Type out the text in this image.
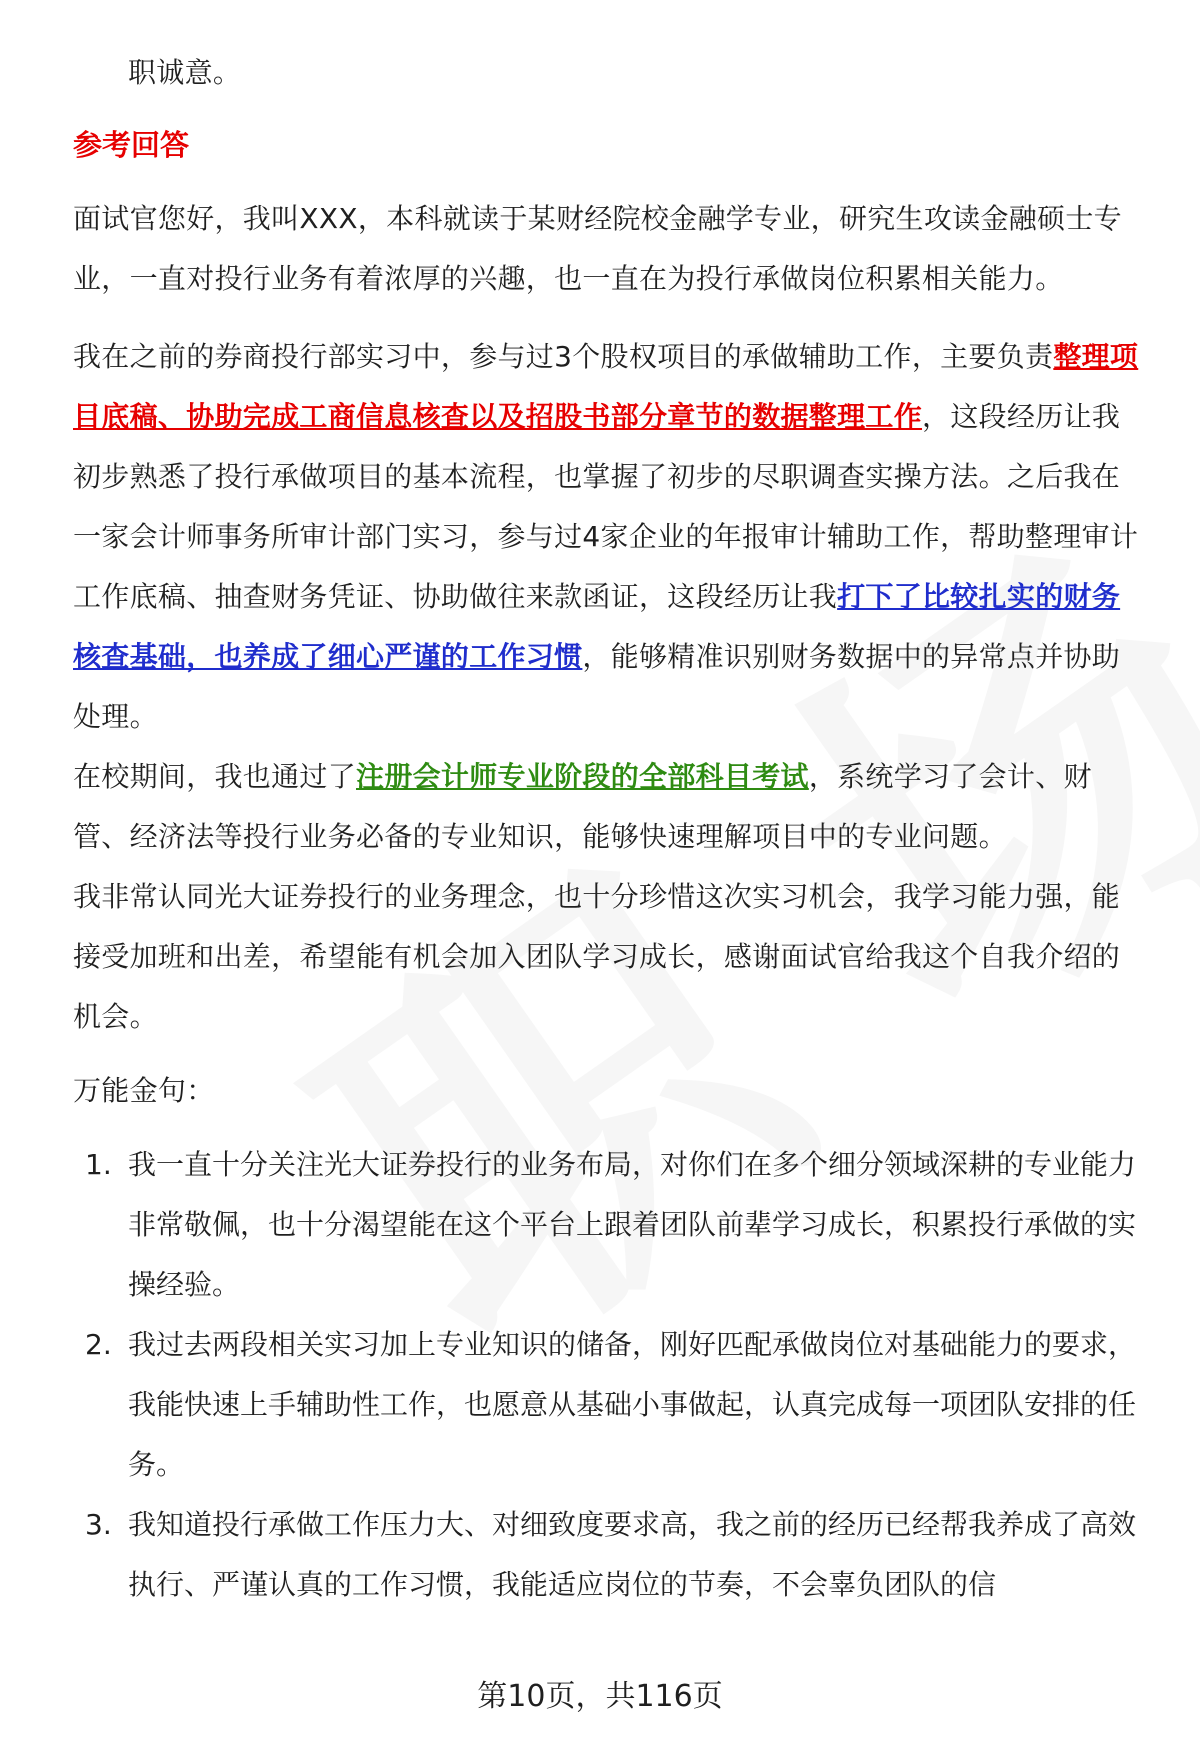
职诚意。

参考回答

面试官您好，我叫XXX，本科就读于某财经院校金融学专业，研究生攻读金融硕士专业，一直对投行业务有着浓厚的兴趣，也一直在为投行承做岗位积累相关能力。

我在之前的券商投行部实习中，参与过3个股权项目的承做辅助工作，主要负责整理项目底稿、协助完成工商信息核查以及招股书部分章节的数据整理工作，这段经历让我初步熟悉了投行承做项目的基本流程，也掌握了初步的尽职调查实操方法。之后我在一家会计师事务所审计部门实习，参与过4家企业的年报审计辅助工作，帮助整理审计工作底稿、抽查财务凭证、协助做往来款函证，这段经历让我打下了比较扎实的财务核查基础，也养成了细心严谨的工作习惯，能够精准识别财务数据中的异常点并协助处理。

在校期间，我也通过了注册会计师专业阶段的全部科目考试，系统学习了会计、财管、经济法等投行业务必备的专业知识，能够快速理解项目中的专业问题。

我非常认同光大证券投行的业务理念，也十分珍惜这次实习机会，我学习能力强，能接受加班和出差，希望能有机会加入团队学习成长，感谢面试官给我这个自我介绍的机会。

万能金句：

1. 我一直十分关注光大证券投行的业务布局，对你们在多个细分领域深耕的专业能力非常敬佩，也十分渴望能在这个平台上跟着团队前辈学习成长，积累投行承做的实操经验。
2. 我过去两段相关实习加上专业知识的储备，刚好匹配承做岗位对基础能力的要求，我能快速上手辅助性工作，也愿意从基础小事做起，认真完成每一项团队安排的任务。
3. 我知道投行承做工作压力大、对细致度要求高，我之前的经历已经帮我养成了高效执行、严谨认真的工作习惯，我能适应岗位的节奏，不会辜负团队的信
第10页，共116页
